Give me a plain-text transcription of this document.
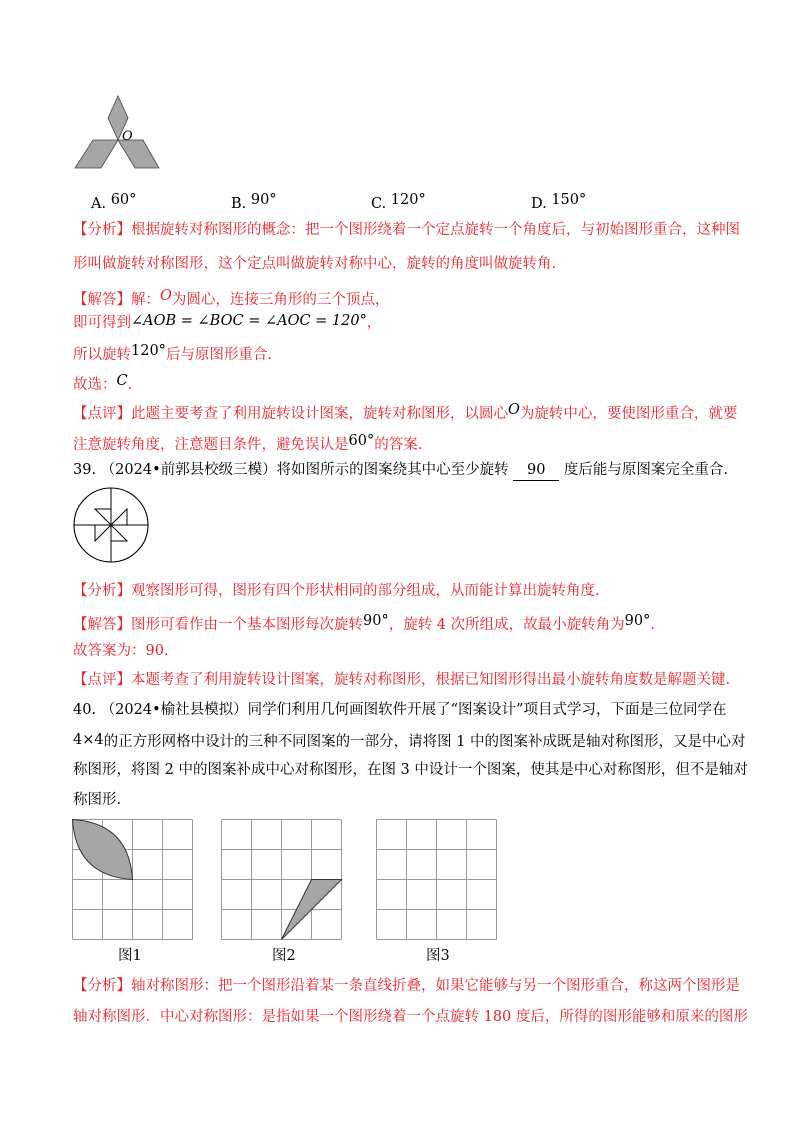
O
A. 60°	B. 90°	C. 120°	D. 150°
【分析】根据旋转对称图形的概念：把一个图形绕着一个定点旋转一个角度后，与初始图形重合，这种图
形叫做旋转对称图形，这个定点叫做旋转对称中心，旋转的角度叫做旋转角.
【解答】解：O为圆心，连接三角形的三个顶点，
即可得到∠AOB = ∠BOC = ∠AOC = 120°，
所以旋转120°后与原图形重合.
故选：C.
【点评】此题主要考查了利用旋转设计图案，旋转对称图形，以圆心O为旋转中心，要使图形重合，就要
注意旋转角度，注意题目条件，避免误认是60°的答案.
39. （2024•前郭县校级三模）将如图所示的图案绕其中心至少旋转 90 度后能与原图案完全重合.
【分析】观察图形可得，图形有四个形状相同的部分组成，从而能计算出旋转角度.
【解答】图形可看作由一个基本图形每次旋转90°，旋转 4 次所组成，故最小旋转角为90°.
故答案为：90.
【点评】本题考查了利用旋转设计图案，旋转对称图形，根据已知图形得出最小旋转角度数是解题关键.
40. （2024•榆社县模拟）同学们利用几何画图软件开展了“图案设计”项目式学习，下面是三位同学在
4×4的正方形网格中设计的三种不同图案的一部分，请将图 1 中的图案补成既是轴对称图形，又是中心对
称图形，将图 2 中的图案补成中心对称图形，在图 3 中设计一个图案，使其是中心对称图形，但不是轴对
称图形.
图1	图2	图3
【分析】轴对称图形：把一个图形沿着某一条直线折叠，如果它能够与另一个图形重合，称这两个图形是
轴对称图形．中心对称图形：是指如果一个图形绕着一个点旋转 180 度后，所得的图形能够和原来的图形
